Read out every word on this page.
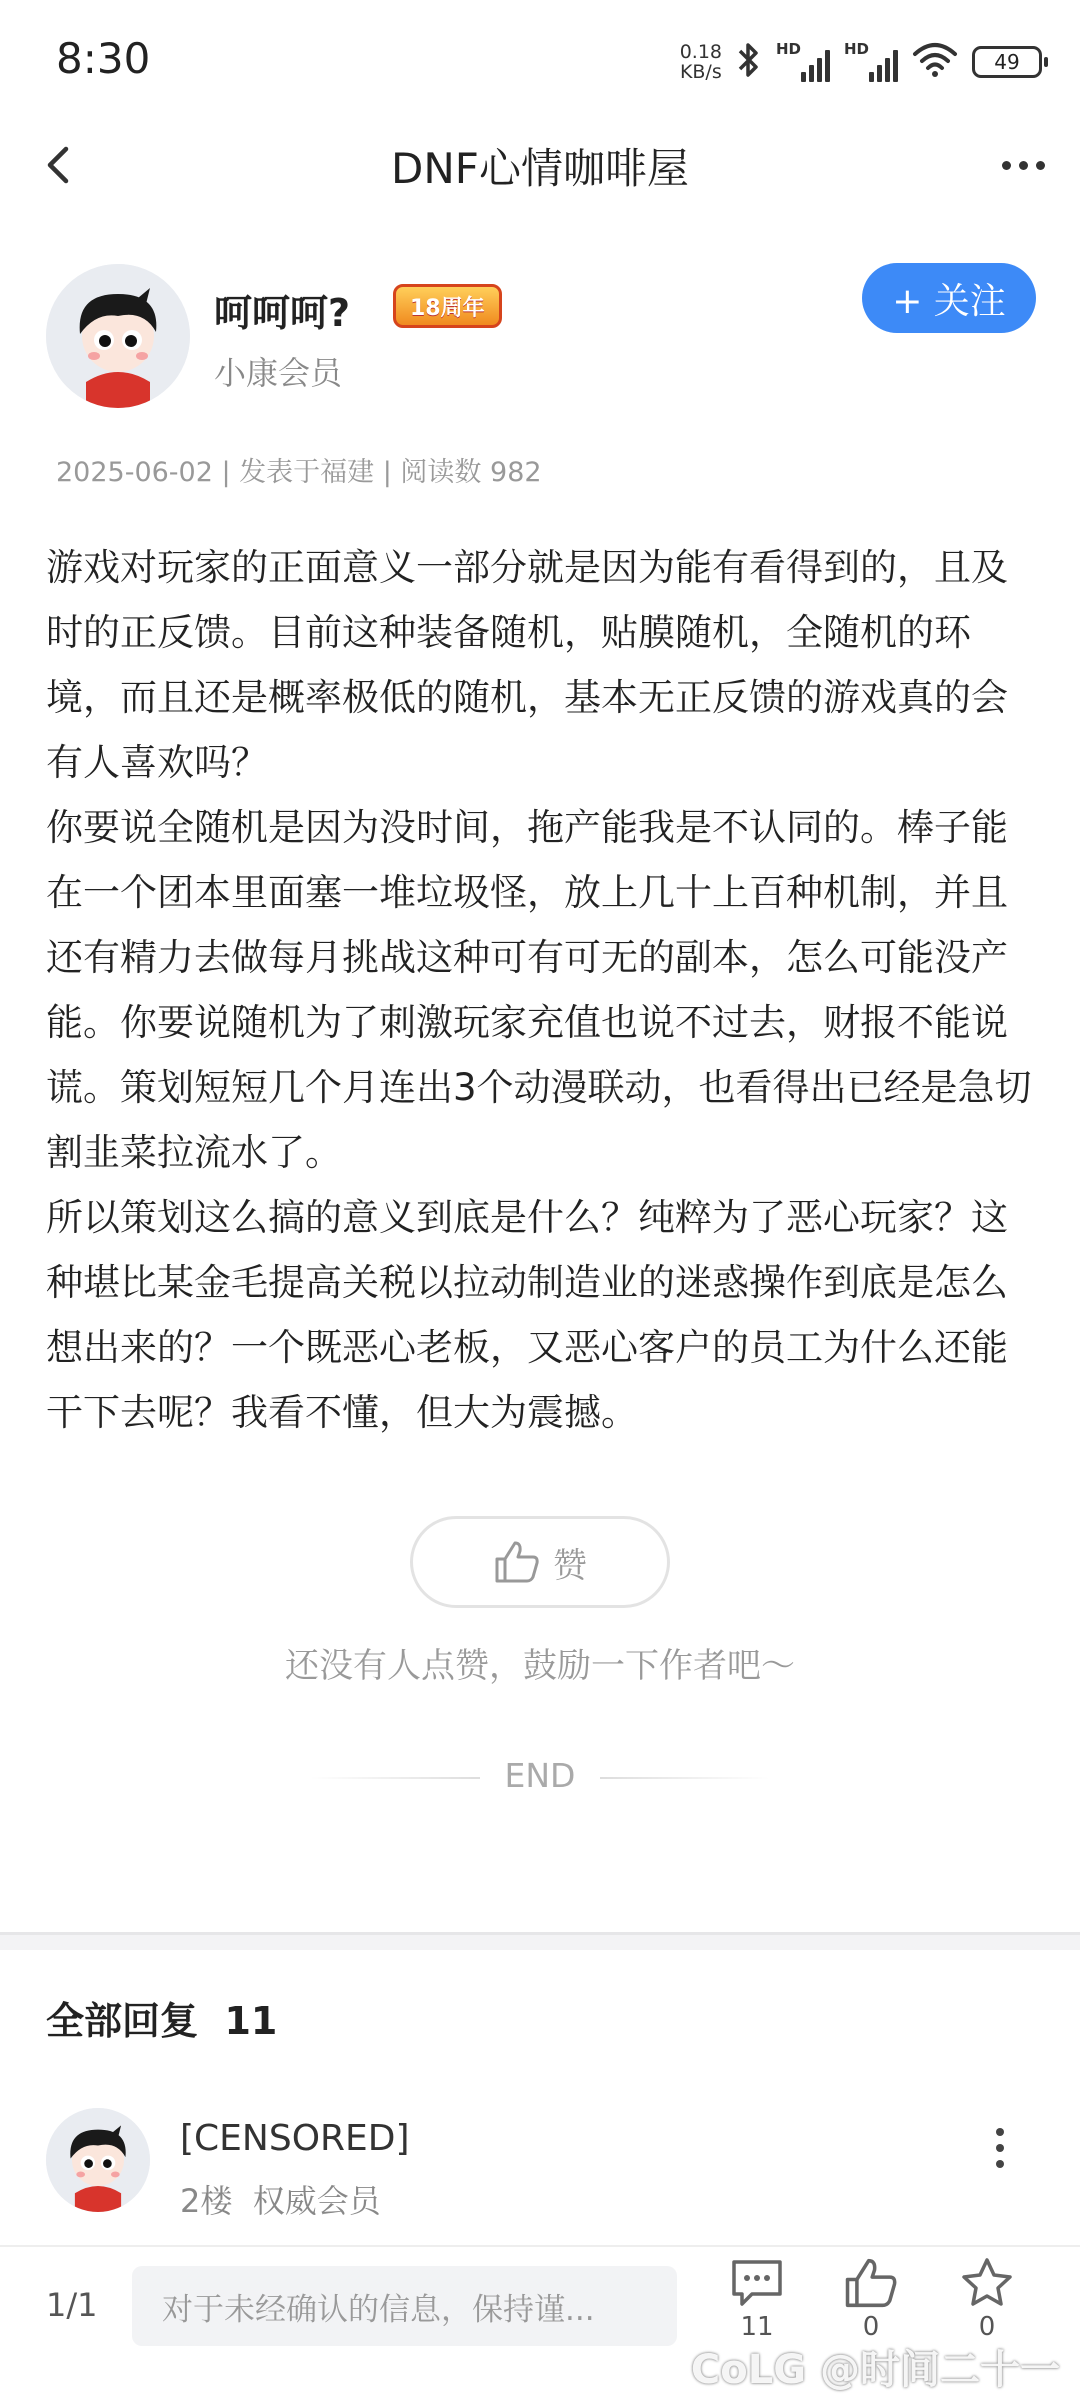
8:30	0.18
KB/s
HD	HD
49
DNF心情咖啡屋
呵呵呵?	18周年
小康会员
+ 关注
2025-06-02 | 发表于福建 | 阅读数 982

游戏对玩家的正面意义一部分就是因为能有看得到的，且及时的正反馈。目前这种装备随机，贴膜随机，全随机的环境，而且还是概率极低的随机，基本无正反馈的游戏真的会有人喜欢吗？

你要说全随机是因为没时间，拖产能我是不认同的。棒子能在一个团本里面塞一堆垃圾怪，放上几十上百种机制，并且还有精力去做每月挑战这种可有可无的副本，怎么可能没产能。你要说随机为了刺激玩家充值也说不过去，财报不能说谎。策划短短几个月连出3个动漫联动，也看得出已经是急切割韭菜拉流水了。

所以策划这么搞的意义到底是什么？纯粹为了恶心玩家？这种堪比某金毛提高关税以拉动制造业的迷惑操作到底是怎么想出来的？一个既恶心老板，又恶心客户的员工为什么还能干下去呢？我看不懂，但大为震撼。

赞
还没有人点赞，鼓励一下作者吧～
END
全部回复 11
[CENSORED]
2楼 权威会员
1/1	对于未经确认的信息，保持谨...	11	0	0
CoLG @时间二十一
